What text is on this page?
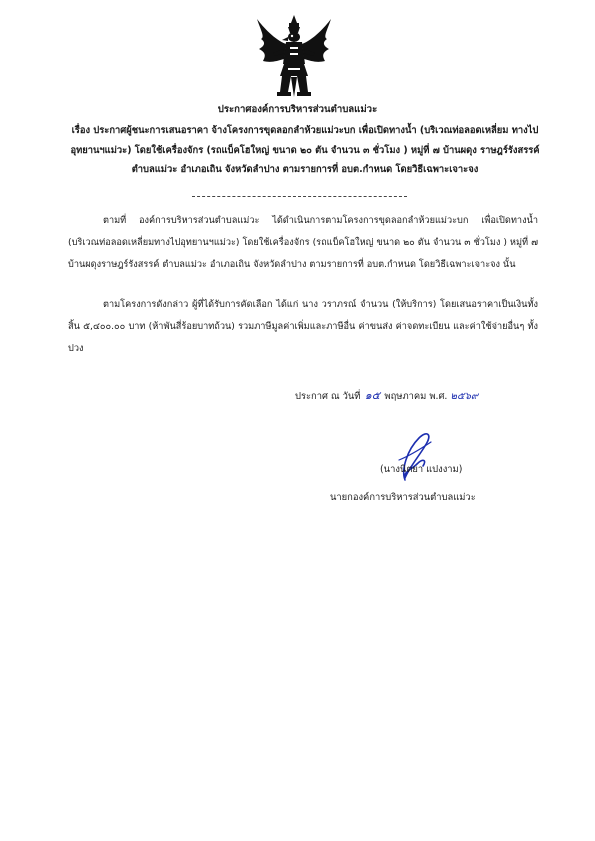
ประกาศองค์การบริหารส่วนตำบลแม่วะ
เรื่อง ประกาศผู้ชนะการเสนอราคา จ้างโครงการขุดลอกลำห้วยแม่วะบก เพื่อเปิดทางน้ำ (บริเวณท่อลอดเหลี่ยม ทางไปอุทยานฯแม่วะ) โดยใช้เครื่องจักร (รถแบ็คโฮใหญ่ ขนาด ๒๐ ตัน จำนวน ๓ ชั่วโมง ) หมู่ที่ ๗ บ้านผดุง ราษฎร์รังสรรค์ ตำบลแม่วะ อำเภอเถิน จังหวัดลำปาง ตามรายการที่ อบต.กำหนด โดยวิธีเฉพาะเจาะจง
ตามที่ องค์การบริหารส่วนตำบลแม่วะ ได้ดำเนินการตามโครงการขุดลอกลำห้วยแม่วะบก เพื่อเปิดทางน้ำ (บริเวณท่อลอดเหลี่ยมทางไปอุทยานฯแม่วะ) โดยใช้เครื่องจักร (รถแบ็คโฮใหญ่ ขนาด ๒๐ ตัน จำนวน ๓ ชั่วโมง ) หมู่ที่ ๗ บ้านผดุงราษฎร์รังสรรค์ ตำบลแม่วะ อำเภอเถิน จังหวัดลำปาง ตามรายการที่ อบต.กำหนด โดยวิธีเฉพาะเจาะจง นั้น
ตามโครงการดังกล่าว ผู้ที่ได้รับการคัดเลือก ได้แก่ นาง วราภรณ์ จำนวน (ให้บริการ) โดยเสนอราคาเป็นเงินทั้งสิ้น ๕,๔๐๐.๐๐ บาท (ห้าพันสี่ร้อยบาทถ้วน) รวมภาษีมูลค่าเพิ่มและภาษีอื่น ค่าขนส่ง ค่าจดทะเบียน และค่าใช้จ่ายอื่นๆ ทั้งปวง
ประกาศ ณ วันที่ ๑๕ พฤษภาคม พ.ศ. ๒๕๖๙
(นางนิตยา แปงงาม)
นายกองค์การบริหารส่วนตำบลแม่วะ
